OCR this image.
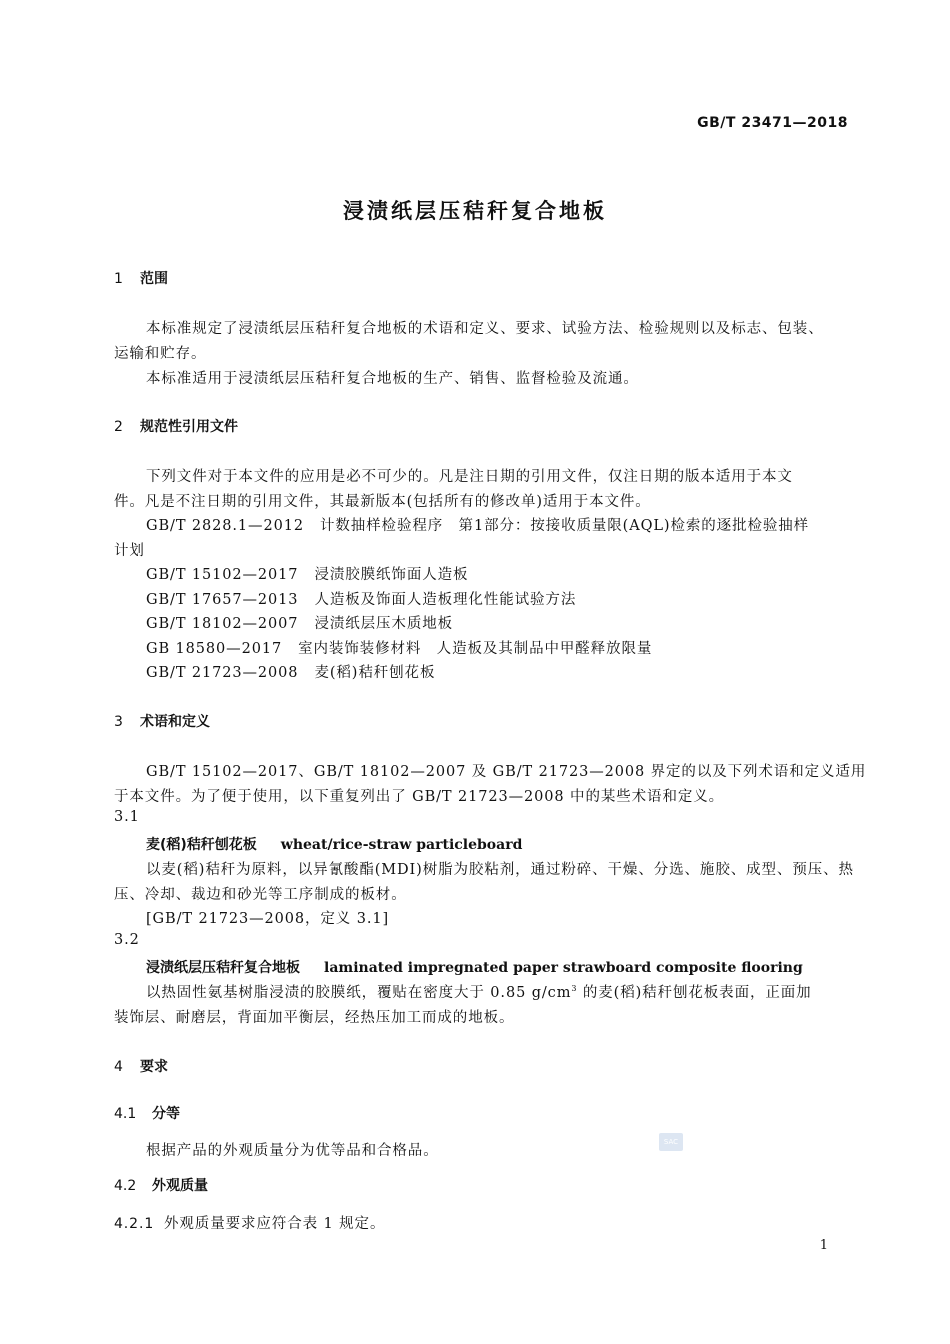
GB/T 23471—2018
浸渍纸层压秸秆复合地板
1 范围
本标准规定了浸渍纸层压秸秆复合地板的术语和定义、要求、试验方法、检验规则以及标志、包装、
运输和贮存。
本标准适用于浸渍纸层压秸秆复合地板的生产、销售、监督检验及流通。
2 规范性引用文件
下列文件对于本文件的应用是必不可少的。凡是注日期的引用文件，仅注日期的版本适用于本文
件。凡是不注日期的引用文件，其最新版本(包括所有的修改单)适用于本文件。
GB/T 2828.1—2012 计数抽样检验程序　第1部分：按接收质量限(AQL)检索的逐批检验抽样
计划
GB/T 15102—2017 浸渍胶膜纸饰面人造板
GB/T 17657—2013 人造板及饰面人造板理化性能试验方法
GB/T 18102—2007 浸渍纸层压木质地板
GB 18580—2017 室内装饰装修材料　人造板及其制品中甲醛释放限量
GB/T 21723—2008 麦(稻)秸秆刨花板
3 术语和定义
GB/T 15102—2017、GB/T 18102—2007 及 GB/T 21723—2008 界定的以及下列术语和定义适用
于本文件。为了便于使用，以下重复列出了 GB/T 21723—2008 中的某些术语和定义。
3.1
麦(稻)秸秆刨花板 wheat/rice-straw particleboard
以麦(稻)秸秆为原料，以异氰酸酯(MDI)树脂为胶粘剂，通过粉碎、干燥、分选、施胶、成型、预压、热
压、冷却、裁边和砂光等工序制成的板材。
[GB/T 21723—2008，定义 3.1]
3.2
浸渍纸层压秸秆复合地板 laminated impregnated paper strawboard composite flooring
以热固性氨基树脂浸渍的胶膜纸，覆贴在密度大于 0.85 $g/cm^3$ 的麦(稻)秸秆刨花板表面，正面加
装饰层、耐磨层，背面加平衡层，经热压加工而成的地板。
4 要求
4.1 分等
根据产品的外观质量分为优等品和合格品。
SAC
4.2 外观质量
4.2.1 外观质量要求应符合表 1 规定。
1
